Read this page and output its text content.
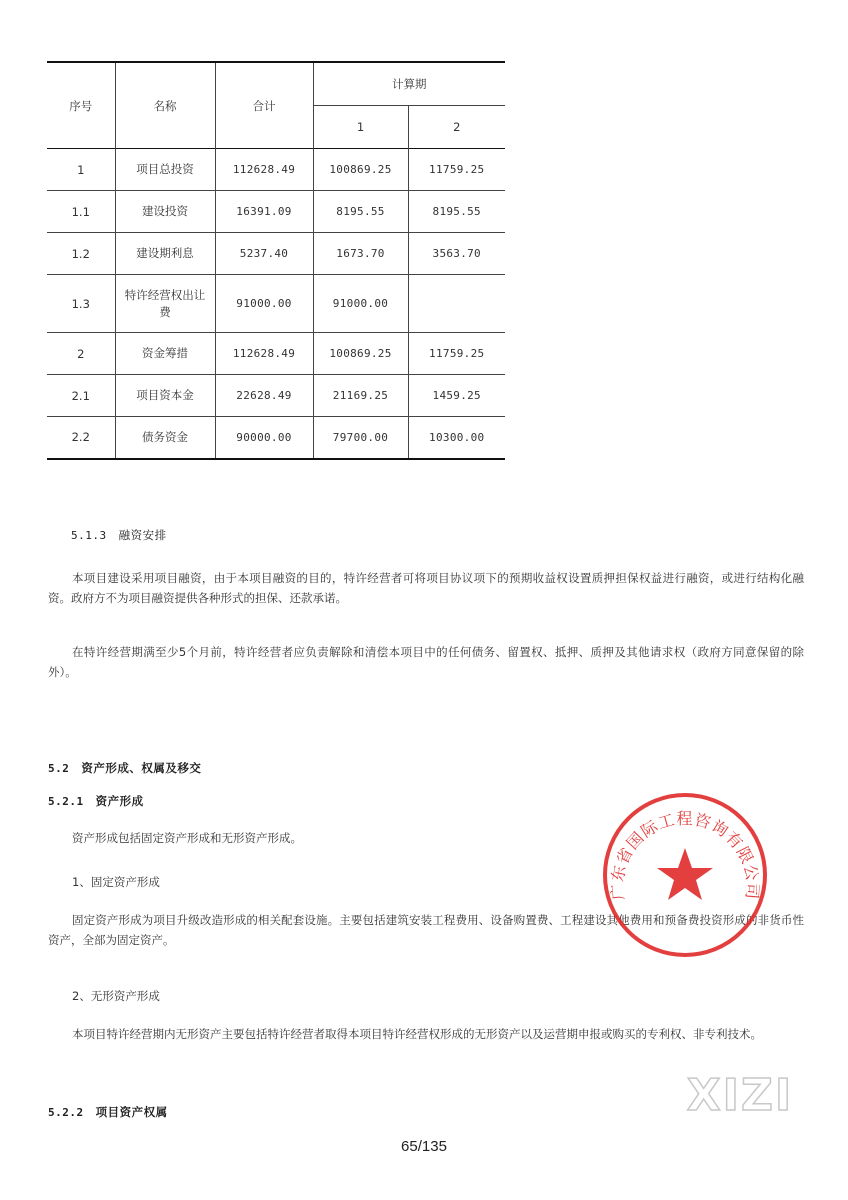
序号	名称	合计	计算期	
			1	2
1	项目总投资	112628.49	100869.25	11759.25
1.1	建设投资	16391.09	8195.55	8195.55
1.2	建设期利息	5237.40	1673.70	3563.70
1.3	特许经营权出让费	91000.00	91000.00	
2	资金筹措	112628.49	100869.25	11759.25
2.1	项目资本金	22628.49	21169.25	1459.25
2.2	债务资金	90000.00	79700.00	10300.00
5.1.3 融资安排
本项目建设采用项目融资，由于本项目融资的目的，特许经营者可将项目协议项下的预期收益权设置质押担保权益进行融资，或进行结构化融资。政府方不为项目融资提供各种形式的担保、还款承诺。
在特许经营期满至少5个月前，特许经营者应负责解除和清偿本项目中的任何债务、留置权、抵押、质押及其他请求权（政府方同意保留的除外）。
5.2 资产形成、权属及移交
5.2.1 资产形成
资产形成包括固定资产形成和无形资产形成。
1、固定资产形成
固定资产形成为项目升级改造形成的相关配套设施。主要包括建筑安装工程费用、设备购置费、工程建设其他费用和预备费投资形成的非货币性资产，全部为固定资产。
2、无形资产形成
本项目特许经营期内无形资产主要包括特许经营者取得本项目特许经营权形成的无形资产以及运营期申报或购买的专利权、非专利技术。
5.2.2 项目资产权属
广东省国际工程咨询有限公司
XIZI
65/135
